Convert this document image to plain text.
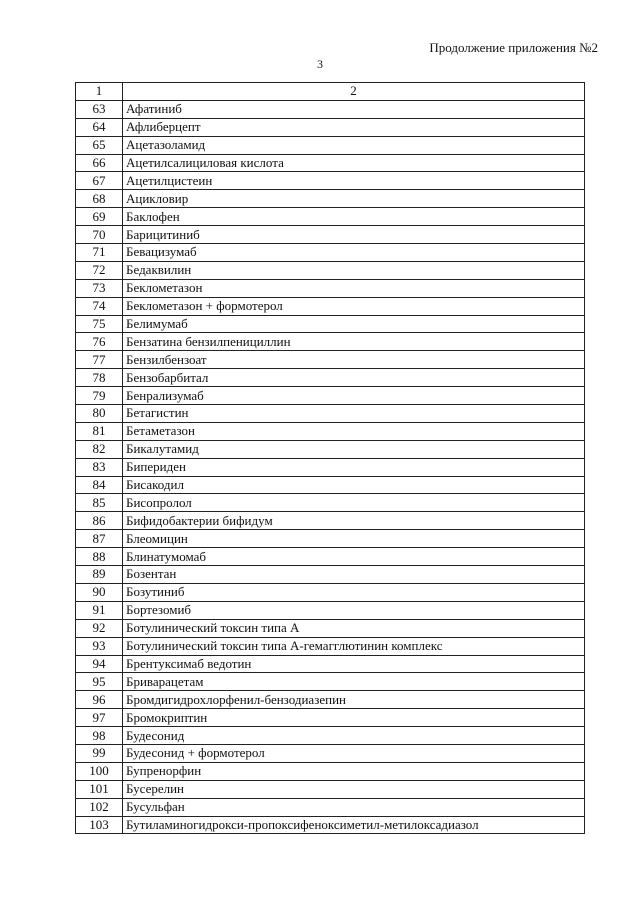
Продолжение приложения №2
3
1	2
63	Афатиниб
64	Афлиберцепт
65	Ацетазоламид
66	Ацетилсалициловая кислота
67	Ацетилцистеин
68	Ацикловир
69	Баклофен
70	Барицитиниб
71	Бевацизумаб
72	Бедаквилин
73	Беклометазон
74	Беклометазон + формотерол
75	Белимумаб
76	Бензатина бензилпенициллин
77	Бензилбензоат
78	Бензобарбитал
79	Бенрализумаб
80	Бетагистин
81	Бетаметазон
82	Бикалутамид
83	Бипериден
84	Бисакодил
85	Бисопролол
86	Бифидобактерии бифидум
87	Блеомицин
88	Блинатумомаб
89	Бозентан
90	Бозутиниб
91	Бортезомиб
92	Ботулинический токсин типа А
93	Ботулинический токсин типа А-гемагглютинин комплекс
94	Брентуксимаб ведотин
95	Бриварацетам
96	Бромдигидрохлорфенил-бензодиазепин
97	Бромокриптин
98	Будесонид
99	Будесонид + формотерол
100	Бупренорфин
101	Бусерелин
102	Бусульфан
103	Бутиламиногидрокси-пропоксифеноксиметил-метилоксадиазол
